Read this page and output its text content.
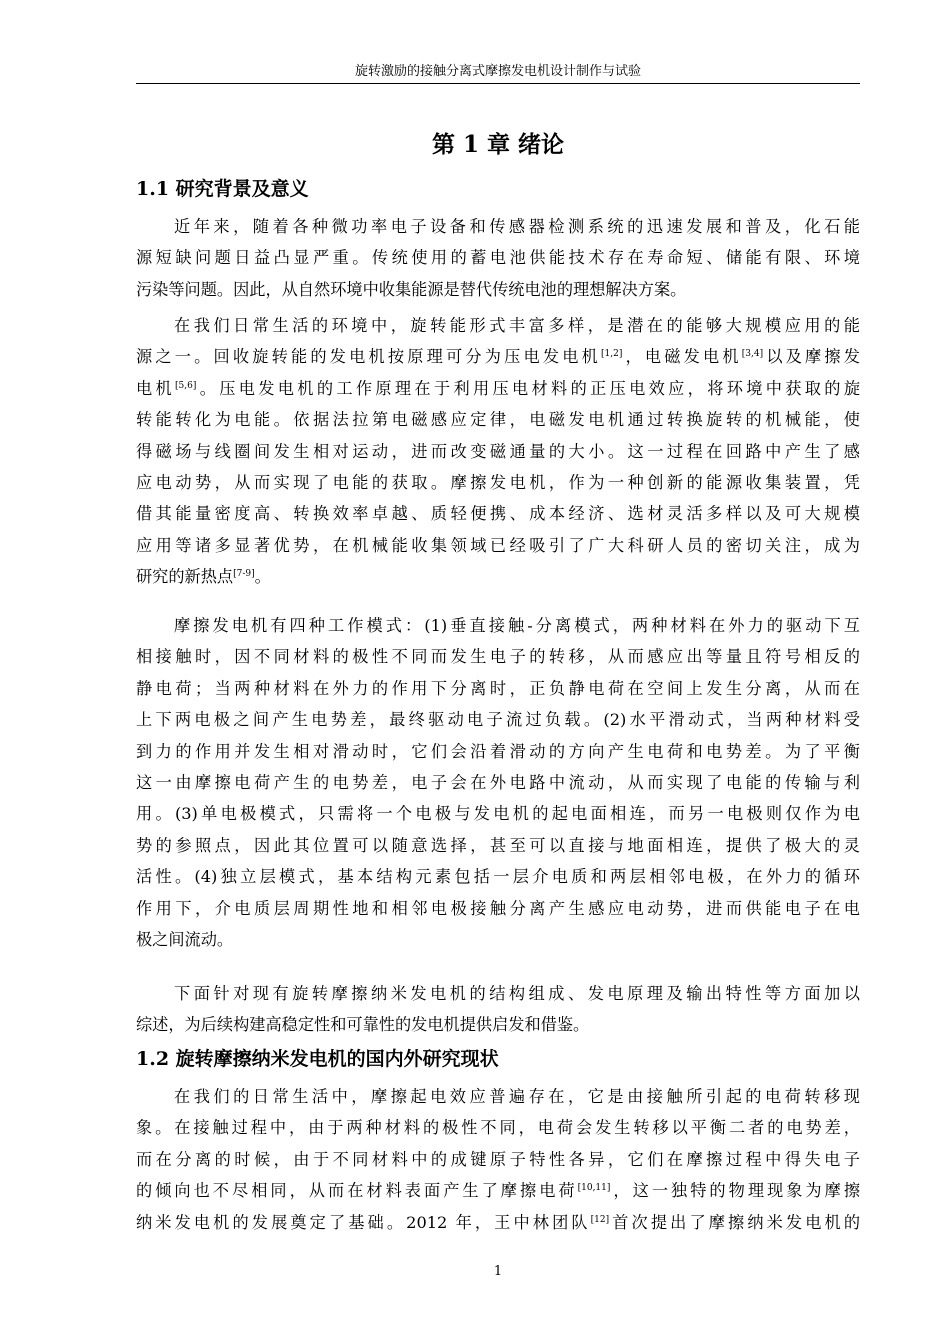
旋转激励的接触分离式摩擦发电机设计制作与试验
第 1 章 绪论
1.1 研究背景及意义
近年来，随着各种微功率电子设备和传感器检测系统的迅速发展和普及，化石能
源短缺问题日益凸显严重。传统使用的蓄电池供能技术存在寿命短、储能有限、环境
污染等问题。因此，从自然环境中收集能源是替代传统电池的理想解决方案。
在我们日常生活的环境中，旋转能形式丰富多样，是潜在的能够大规模应用的能
源之一。回收旋转能的发电机按原理可分为压电发电机[1,2]，电磁发电机[3,4]以及摩擦发
电机[5,6]。压电发电机的工作原理在于利用压电材料的正压电效应，将环境中获取的旋
转能转化为电能。依据法拉第电磁感应定律，电磁发电机通过转换旋转的机械能，使
得磁场与线圈间发生相对运动，进而改变磁通量的大小。这一过程在回路中产生了感
应电动势，从而实现了电能的获取。摩擦发电机，作为一种创新的能源收集装置，凭
借其能量密度高、转换效率卓越、质轻便携、成本经济、选材灵活多样以及可大规模
应用等诸多显著优势，在机械能收集领域已经吸引了广大科研人员的密切关注，成为
研究的新热点[7-9]。
摩擦发电机有四种工作模式：(1)垂直接触-分离模式，两种材料在外力的驱动下互
相接触时，因不同材料的极性不同而发生电子的转移，从而感应出等量且符号相反的
静电荷；当两种材料在外力的作用下分离时，正负静电荷在空间上发生分离，从而在
上下两电极之间产生电势差，最终驱动电子流过负载。(2)水平滑动式，当两种材料受
到力的作用并发生相对滑动时，它们会沿着滑动的方向产生电荷和电势差。为了平衡
这一由摩擦电荷产生的电势差，电子会在外电路中流动，从而实现了电能的传输与利
用。(3)单电极模式，只需将一个电极与发电机的起电面相连，而另一电极则仅作为电
势的参照点，因此其位置可以随意选择，甚至可以直接与地面相连，提供了极大的灵
活性。(4)独立层模式，基本结构元素包括一层介电质和两层相邻电极，在外力的循环
作用下，介电质层周期性地和相邻电极接触分离产生感应电动势，进而供能电子在电
极之间流动。
下面针对现有旋转摩擦纳米发电机的结构组成、发电原理及输出特性等方面加以
综述，为后续构建高稳定性和可靠性的发电机提供启发和借鉴。
1.2 旋转摩擦纳米发电机的国内外研究现状
在我们的日常生活中，摩擦起电效应普遍存在，它是由接触所引起的电荷转移现
象。在接触过程中，由于两种材料的极性不同，电荷会发生转移以平衡二者的电势差，
而在分离的时候，由于不同材料中的成键原子特性各异，它们在摩擦过程中得失电子
的倾向也不尽相同，从而在材料表面产生了摩擦电荷[10,11]，这一独特的物理现象为摩擦
纳米发电机的发展奠定了基础。2012 年，王中林团队[12]首次提出了摩擦纳米发电机的
1
